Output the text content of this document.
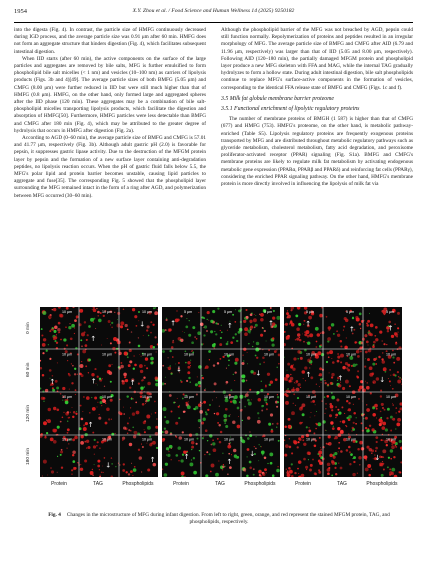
1954	X.Y. Zhou et al. / Food Science and Human Wellness 14 (2025) 9250182

into the digesta (Fig. 4). In contrast, the particle size of HMFG continuously decreased during IGD process, and the average particle size was 0.91 μm after 60 min. HMFG does not form an aggregate structure that hinders digestion (Fig. 4), which facilitates subsequent intestinal digestion.

When IID starts (after 60 min), the active components on the surface of the large particles and aggregates are removed by bile salts, MFG is further emulsified to form phospholipid bile salt micelles (< 1 nm) and vesicles (10–100 nm) as carriers of lipolysis products (Figs. 3b and 4)[49]. The average particle sizes of both BMFG (5.05 μm) and CMFG (8.00 μm) were further reduced in IID but were still much higher than that of HMFG (0.8 μm). HMFG, on the other hand, only formed large and aggregated spheres after the IID phase (120 min). These aggregates may be a combination of bile salt-phospholipid micelles transporting lipolysis products, which facilitate the digestion and absorption of HMFG[50]. Furthermore, HMFG particles were less detectable than BMFG and CMFG after 180 min (Fig. 4), which may be attributed to the greater degree of hydrolysis that occurs in HMFG after digestion (Fig. 2a).

According to AGD (0–60 min), the average particle size of BMFG and CMFG is 57.01 and 41.77 μm, respectively (Fig. 3b). Although adult gastric pH (2.0) is favorable for pepsin, it suppresses gastric lipase activity. Due to the destruction of the MFGM protein layer by pepsin and the formation of a new surface layer containing anti-degradation peptides, no lipolysis reaction occurs. When the pH of gastric fluid falls below 5.5, the MFG's polar lipid and protein barrier becomes unstable, causing lipid particles to aggregate and fuse[35]. The corresponding Fig. 5 showed that the phospholipid layer surrounding the MFG remained intact in the form of a ring after AGD, and polymerization between MFG occurred (30–60 min).

Although the phospholipid barrier of the MFG was not breached by AGD, pepsin could still function normally. Repolymerization of proteins and peptides resulted in an irregular morphology of MFG. The average particle size of BMFG and CMFG after AID (6.79 and 11.96 μm, respectively) was larger than that of IID (5.05 and 8.00 μm, respectively). Following AID (120–180 min), the partially damaged MFGM protein and phospholipid layer produce a new MFG skeleton with FFA and MAG, while the internal TAG gradually hydrolyzes to form a hollow state. During adult intestinal digestion, bile salt phospholipids continue to replace MFG's surface-active components in the formation of vesicles, corresponding to the identical FFA release state of BMFG and CMFG (Figs. 1c and f).

3.5 Milk fat globule membrane barrier proteome
3.5.1 Functional enrichment of lipolytic regulatory proteins

The number of membrane proteins of BMGH (1 587) is higher than that of CMFG (677) and HMFG (753). HMFG's proteome, on the other hand, is metabolic pathway-enriched (Table S5). Lipolysis regulatory proteins are frequently exogenous proteins transported by MFG and are distributed throughout metabolic regulatory pathways such as glyceride metabolism, cholesterol metabolism, fatty acid degradation, and peroxisome proliferator-activated receptor (PPAR) signaling (Fig. S1a). BMFG and CMFG's membrane proteins are likely to regulate milk fat metabolism by activating endogenous metabolic gene expression (PPARα, PPARβ and PPARδ) and reinforcing fat cells (PPARγ), considering the enriched PPAR signaling pathway. On the other hand, HMFG's membrane protein is more directly involved in influencing the lipolysis of milk fat via

0 min
60 min
120 min
180 min
10 μm	10 μm
↑
10 μm
↓
10 μm
↑
10 μm
↑
10 μm
↑
10 μm	10 μm
↑
10 μm
10 μm	10 μm
↓
10 μm
↑
5 μm
↑
5 μm
↑
5 μm
↑
10 μm
↓
10 μm	10 μm
↓
10 μm	10 μm	10 μm
10 μm
↑
10 μm
↑
10 μm
↓
5 μm
↑
5 μm
↑
5 μm
↑
10 μm
↑
10 μm
↑
10 μm
↓
10 μm	10 μm	10 μm
10 μm	10 μm	10 μm
↓
Protein	TAG	Phospholipids	Protein	TAG	Phospholipids	Protein	TAG	Phospholipids
Fig. 4 Changes in the microstructure of MFG during infant digestion. From left to right, green, orange, and red represent the stained MFGM protein, TAG, and phospholipids, respectively.
